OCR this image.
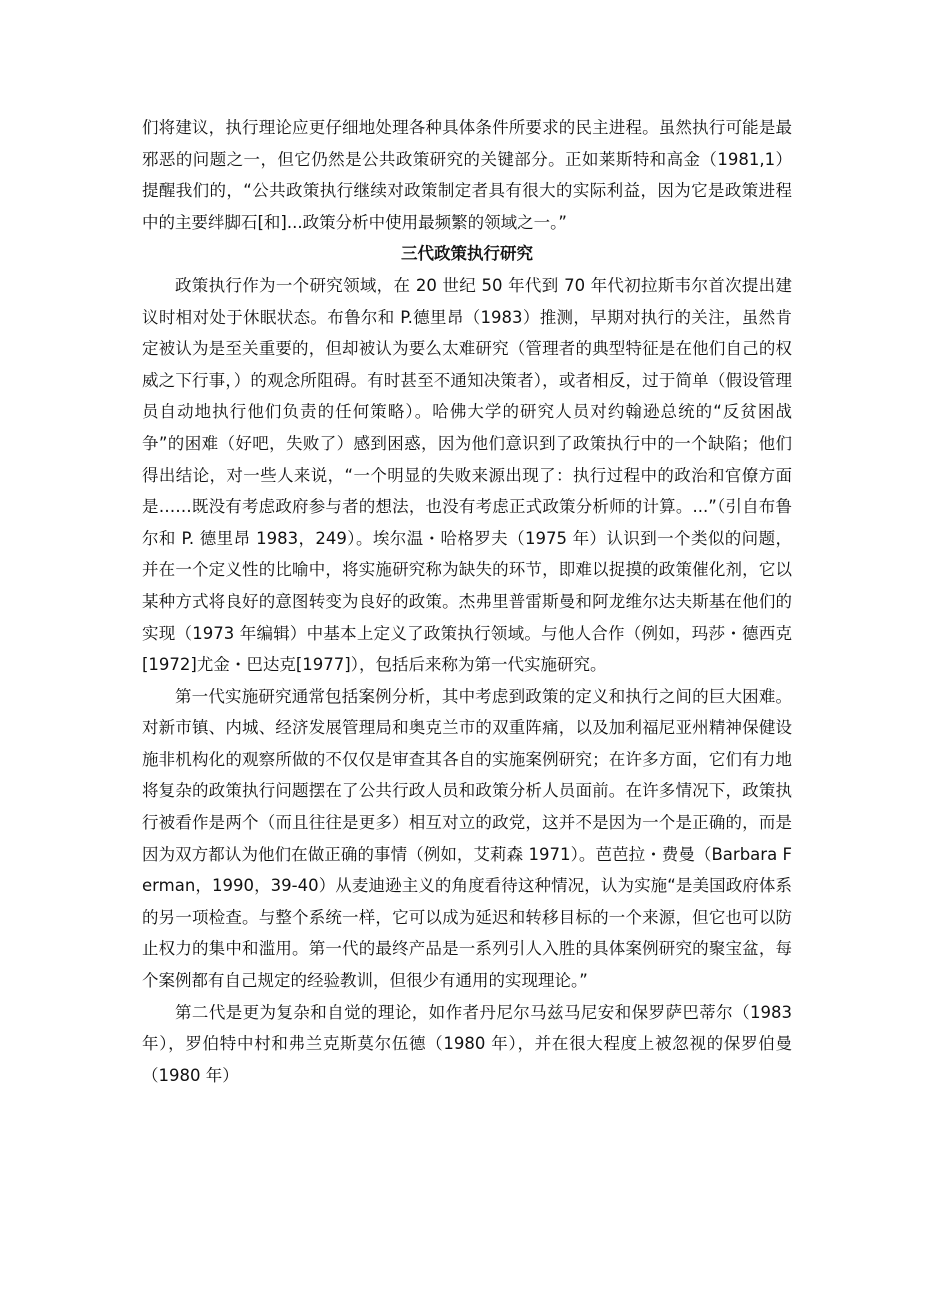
们将建议，执行理论应更仔细地处理各种具体条件所要求的民主进程。虽然执行可能是最邪恶的问题之一，但它仍然是公共政策研究的关键部分。正如莱斯特和高金（1981,1）提醒我们的，“公共政策执行继续对政策制定者具有很大的实际利益，因为它是政策进程中的主要绊脚石[和]...政策分析中使用最频繁的领域之一。”

三代政策执行研究

政策执行作为一个研究领域，在 20 世纪 50 年代到 70 年代初拉斯韦尔首次提出建议时相对处于休眠状态。布鲁尔和 P.德里昂（1983）推测，早期对执行的关注，虽然肯定被认为是至关重要的，但却被认为要么太难研究（管理者的典型特征是在他们自己的权威之下行事，）的观念所阻碍。有时甚至不通知决策者），或者相反，过于简单（假设管理员自动地执行他们负责的任何策略）。哈佛大学的研究人员对约翰逊总统的“反贫困战争”的困难（好吧，失败了）感到困惑，因为他们意识到了政策执行中的一个缺陷；他们得出结论，对一些人来说，“一个明显的失败来源出现了：执行过程中的政治和官僚方面是……既没有考虑政府参与者的想法，也没有考虑正式政策分析师的计算。...”（引自布鲁尔和 P. 德里昂 1983，249）。埃尔温・哈格罗夫（1975 年）认识到一个类似的问题，并在一个定义性的比喻中，将实施研究称为缺失的环节，即难以捉摸的政策催化剂，它以某种方式将良好的意图转变为良好的政策。杰弗里普雷斯曼和阿龙维尔达夫斯基在他们的实现（1973 年编辑）中基本上定义了政策执行领域。与他人合作（例如，玛莎・德西克[1972]尤金・巴达克[1977]），包括后来称为第一代实施研究。

第一代实施研究通常包括案例分析，其中考虑到政策的定义和执行之间的巨大困难。对新市镇、内城、经济发展管理局和奥克兰市的双重阵痛，以及加利福尼亚州精神保健设施非机构化的观察所做的不仅仅是审查其各自的实施案例研究；在许多方面，它们有力地将复杂的政策执行问题摆在了公共行政人员和政策分析人员面前。在许多情况下，政策执行被看作是两个（而且往往是更多）相互对立的政党，这并不是因为一个是正确的，而是因为双方都认为他们在做正确的事情（例如，艾莉森 1971）。芭芭拉・费曼（Barbara Ferman，1990，39-40）从麦迪逊主义的角度看待这种情况，认为实施“是美国政府体系的另一项检查。与整个系统一样，它可以成为延迟和转移目标的一个来源，但它也可以防止权力的集中和滥用。第一代的最终产品是一系列引人入胜的具体案例研究的聚宝盆，每个案例都有自己规定的经验教训，但很少有通用的实现理论。”

第二代是更为复杂和自觉的理论，如作者丹尼尔马兹马尼安和保罗萨巴蒂尔（1983 年），罗伯特中村和弗兰克斯莫尔伍德（1980 年），并在很大程度上被忽视的保罗伯曼（1980 年）
